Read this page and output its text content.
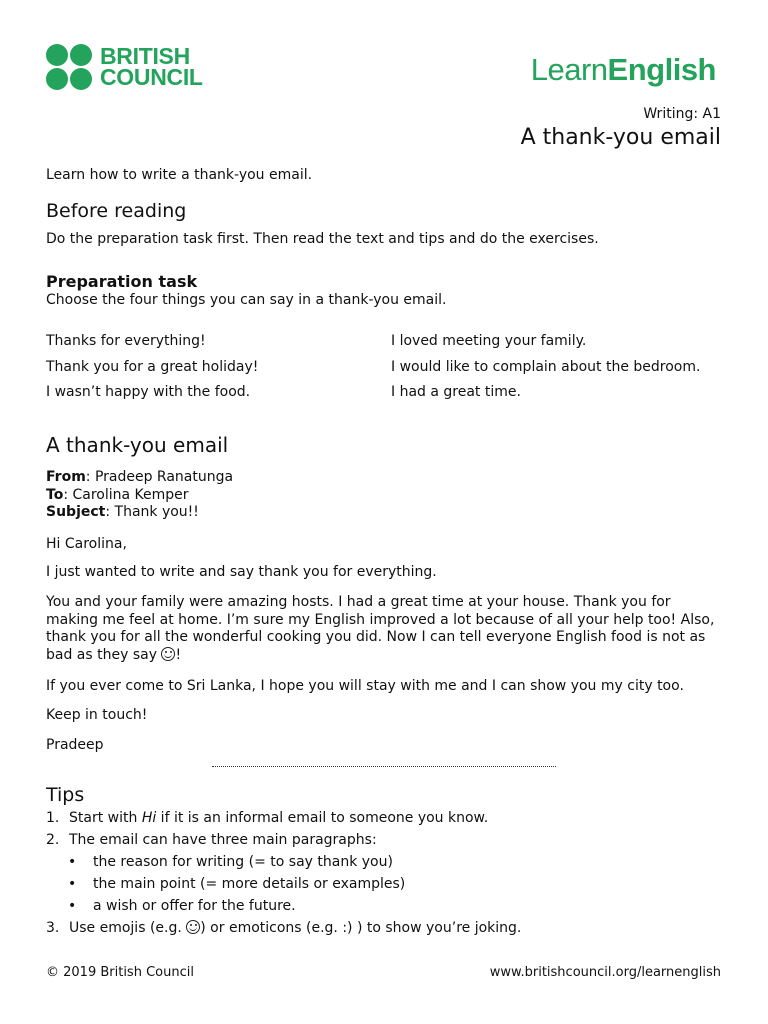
BRITISH
COUNCIL	LearnEnglish
Writing: A1
A thank-you email
Learn how to write a thank-you email.
Before reading
Do the preparation task first. Then read the text and tips and do the exercises.
Preparation task
Choose the four things you can say in a thank-you email.
Thanks for everything!
Thank you for a great holiday!
I wasn’t happy with the food.
I loved meeting your family.
I would like to complain about the bedroom.
I had a great time.
A thank-you email
From: Pradeep Ranatunga
To: Carolina Kemper
Subject: Thank you!!
Hi Carolina,
I just wanted to write and say thank you for everything.
You and your family were amazing hosts. I had a great time at your house. Thank you for making me feel at home. I’m sure my English improved a lot because of all your help too! Also, thank you for all the wonderful cooking you did. Now I can tell everyone English food is not as bad as they say !
If you ever come to Sri Lanka, I hope you will stay with me and I can show you my city too.
Keep in touch!
Pradeep
Tips
1. Start with Hi if it is an informal email to someone you know.
2. The email can have three main paragraphs:
• the reason for writing (= to say thank you)
• the main point (= more details or examples)
• a wish or offer for the future.
3. Use emojis (e.g. ) or emoticons (e.g. :) ) to show you’re joking.
© 2019 British Council	www.britishcouncil.org/learnenglish
